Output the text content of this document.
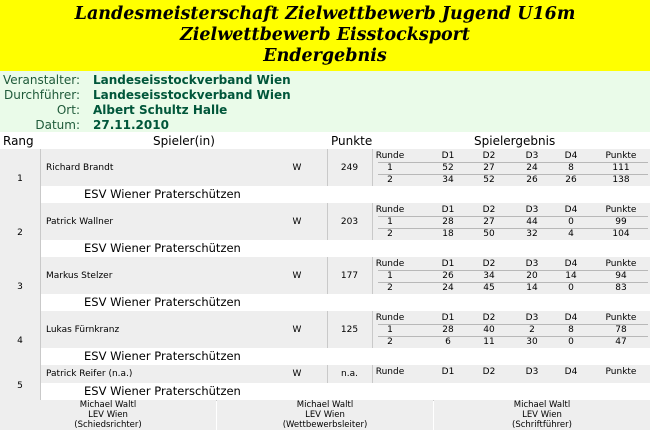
Landesmeisterschaft Zielwettbewerb Jugend U16m
Zielwettbewerb Eisstocksport
Endergebnis
Veranstalter: Landeseisstockverband Wien
Durchführer: Landeseisstockverband Wien
Ort: Albert Schultz Halle
Datum: 27.11.2010
Rang	Spieler(in)	Punkte	Spielergebnis
1
Richard Brandt	W	249
ESV Wiener Praterschützen
Runde	D1	D2	D3	D4	Punkte
1	52	27	24	8	111
2	34	52	26	26	138
2
Patrick Wallner	W	203
ESV Wiener Praterschützen
Runde	D1	D2	D3	D4	Punkte
1	28	27	44	0	99
2	18	50	32	4	104
3
Markus Stelzer	W	177
ESV Wiener Praterschützen
Runde	D1	D2	D3	D4	Punkte
1	26	34	20	14	94
2	24	45	14	0	83
4
Lukas Fürnkranz	W	125
ESV Wiener Praterschützen
Runde	D1	D2	D3	D4	Punkte
1	28	40	2	8	78
2	6	11	30	0	47
5
Patrick Reifer (n.a.)	W	n.a.
ESV Wiener Praterschützen
Runde	D1	D2	D3	D4	Punkte
Michael Waltl
LEV Wien
(Schiedsrichter)
Michael Waltl
LEV Wien
(Wettbewerbsleiter)
Michael Waltl
LEV Wien
(Schriftführer)
